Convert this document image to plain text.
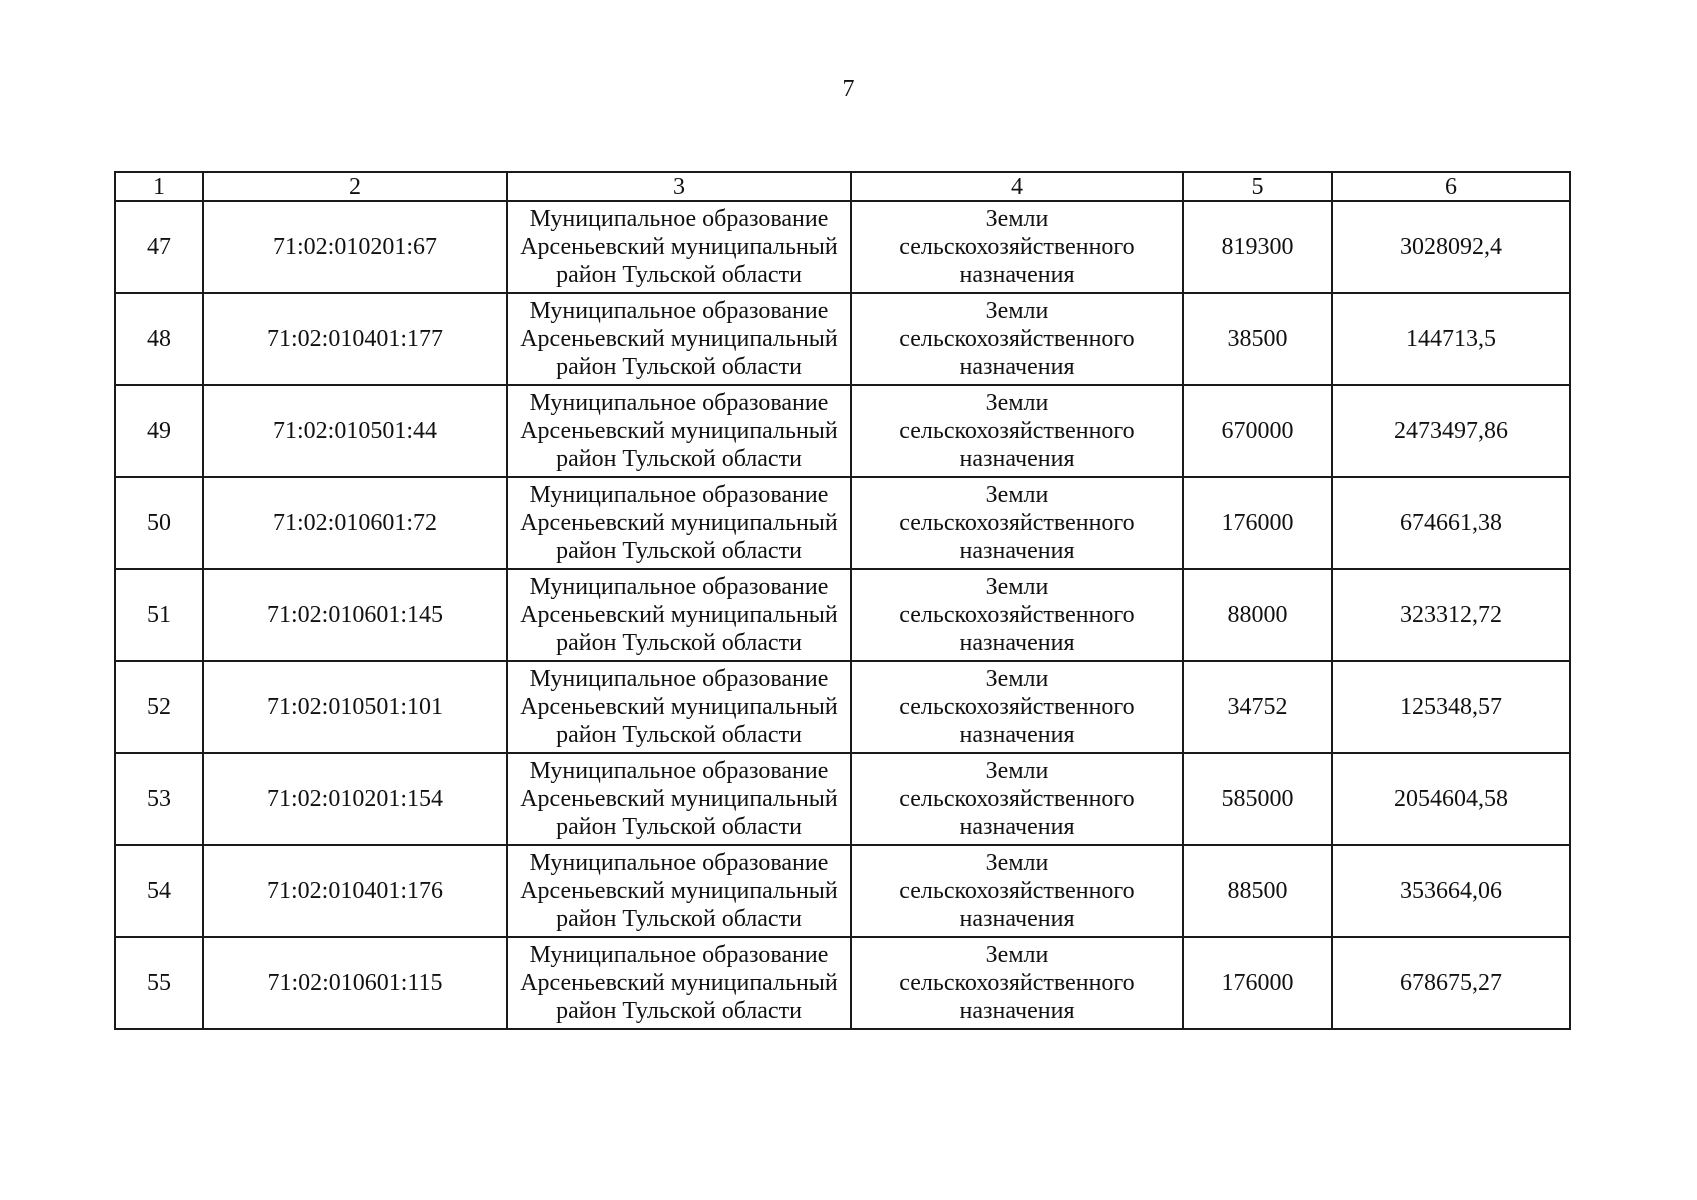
7
1	2	3	4	5	6
47	71:02:010201:67	Муниципальное образование
Арсеньевский муниципальный
район Тульской области	Земли
сельскохозяйственного
назначения	819300	3028092,4
48	71:02:010401:177	Муниципальное образование
Арсеньевский муниципальный
район Тульской области	Земли
сельскохозяйственного
назначения	38500	144713,5
49	71:02:010501:44	Муниципальное образование
Арсеньевский муниципальный
район Тульской области	Земли
сельскохозяйственного
назначения	670000	2473497,86
50	71:02:010601:72	Муниципальное образование
Арсеньевский муниципальный
район Тульской области	Земли
сельскохозяйственного
назначения	176000	674661,38
51	71:02:010601:145	Муниципальное образование
Арсеньевский муниципальный
район Тульской области	Земли
сельскохозяйственного
назначения	88000	323312,72
52	71:02:010501:101	Муниципальное образование
Арсеньевский муниципальный
район Тульской области	Земли
сельскохозяйственного
назначения	34752	125348,57
53	71:02:010201:154	Муниципальное образование
Арсеньевский муниципальный
район Тульской области	Земли
сельскохозяйственного
назначения	585000	2054604,58
54	71:02:010401:176	Муниципальное образование
Арсеньевский муниципальный
район Тульской области	Земли
сельскохозяйственного
назначения	88500	353664,06
55	71:02:010601:115	Муниципальное образование
Арсеньевский муниципальный
район Тульской области	Земли
сельскохозяйственного
назначения	176000	678675,27
